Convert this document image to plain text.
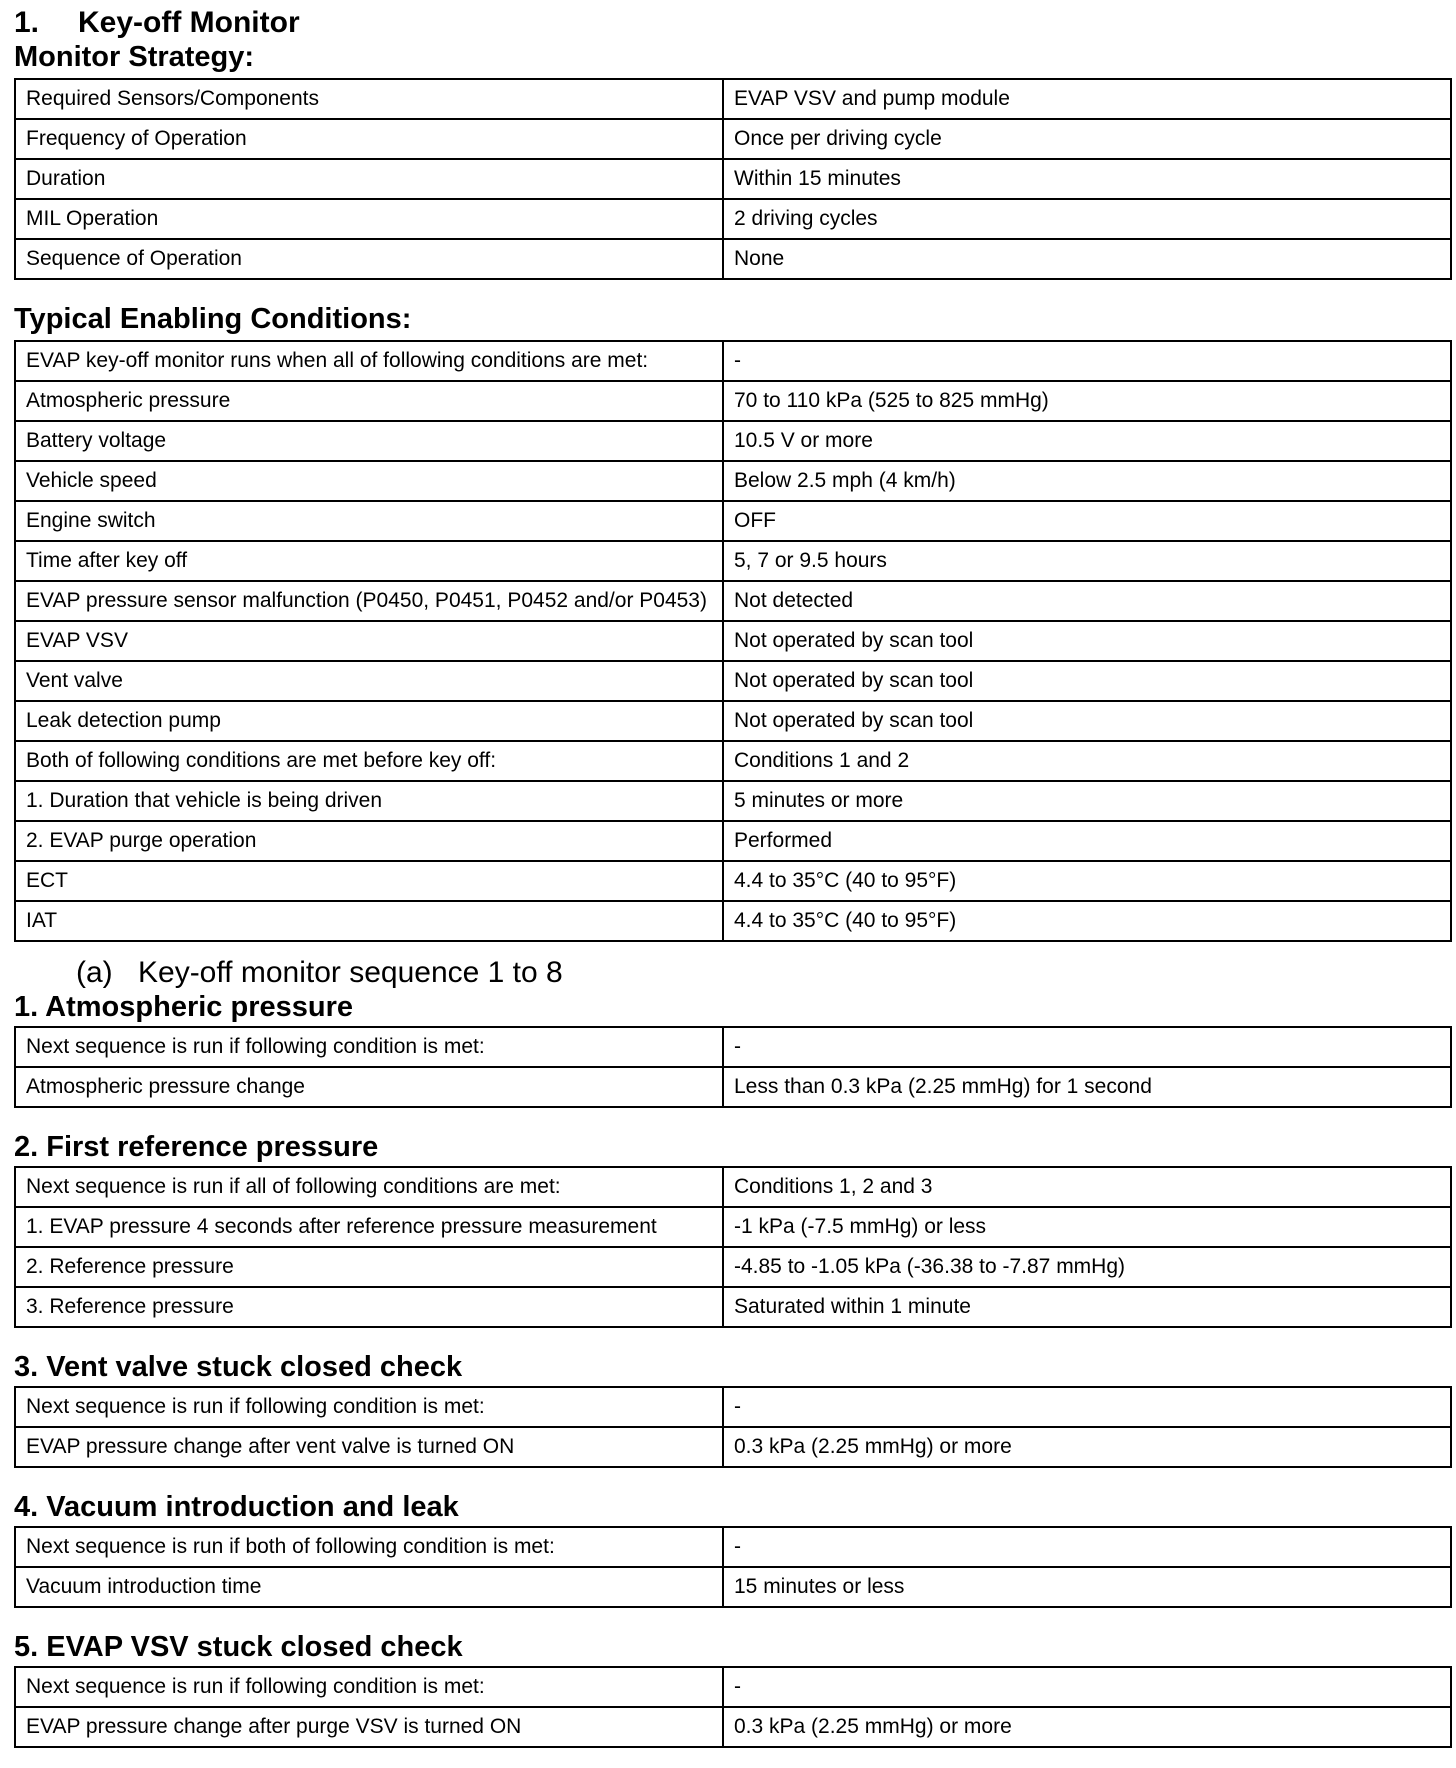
1. Key-off Monitor
Monitor Strategy:
Required Sensors/Components	EVAP VSV and pump module
Frequency of Operation	Once per driving cycle
Duration	Within 15 minutes
MIL Operation	2 driving cycles
Sequence of Operation	None
Typical Enabling Conditions:
EVAP key-off monitor runs when all of following conditions are met:	-
Atmospheric pressure	70 to 110 kPa (525 to 825 mmHg)
Battery voltage	10.5 V or more
Vehicle speed	Below 2.5 mph (4 km/h)
Engine switch	OFF
Time after key off	5, 7 or 9.5 hours
EVAP pressure sensor malfunction (P0450, P0451, P0452 and/or P0453)	Not detected
EVAP VSV	Not operated by scan tool
Vent valve	Not operated by scan tool
Leak detection pump	Not operated by scan tool
Both of following conditions are met before key off:	Conditions 1 and 2
1. Duration that vehicle is being driven	5 minutes or more
2. EVAP purge operation	Performed
ECT	4.4 to 35°C (40 to 95°F)
IAT	4.4 to 35°C (40 to 95°F)
(a) Key-off monitor sequence 1 to 8
1. Atmospheric pressure
Next sequence is run if following condition is met:	-
Atmospheric pressure change	Less than 0.3 kPa (2.25 mmHg) for 1 second
2. First reference pressure
Next sequence is run if all of following conditions are met:	Conditions 1, 2 and 3
1. EVAP pressure 4 seconds after reference pressure measurement	-1 kPa (-7.5 mmHg) or less
2. Reference pressure	-4.85 to -1.05 kPa (-36.38 to -7.87 mmHg)
3. Reference pressure	Saturated within 1 minute
3. Vent valve stuck closed check
Next sequence is run if following condition is met:	-
EVAP pressure change after vent valve is turned ON	0.3 kPa (2.25 mmHg) or more
4. Vacuum introduction and leak
Next sequence is run if both of following condition is met:	-
Vacuum introduction time	15 minutes or less
5. EVAP VSV stuck closed check
Next sequence is run if following condition is met:	-
EVAP pressure change after purge VSV is turned ON	0.3 kPa (2.25 mmHg) or more
